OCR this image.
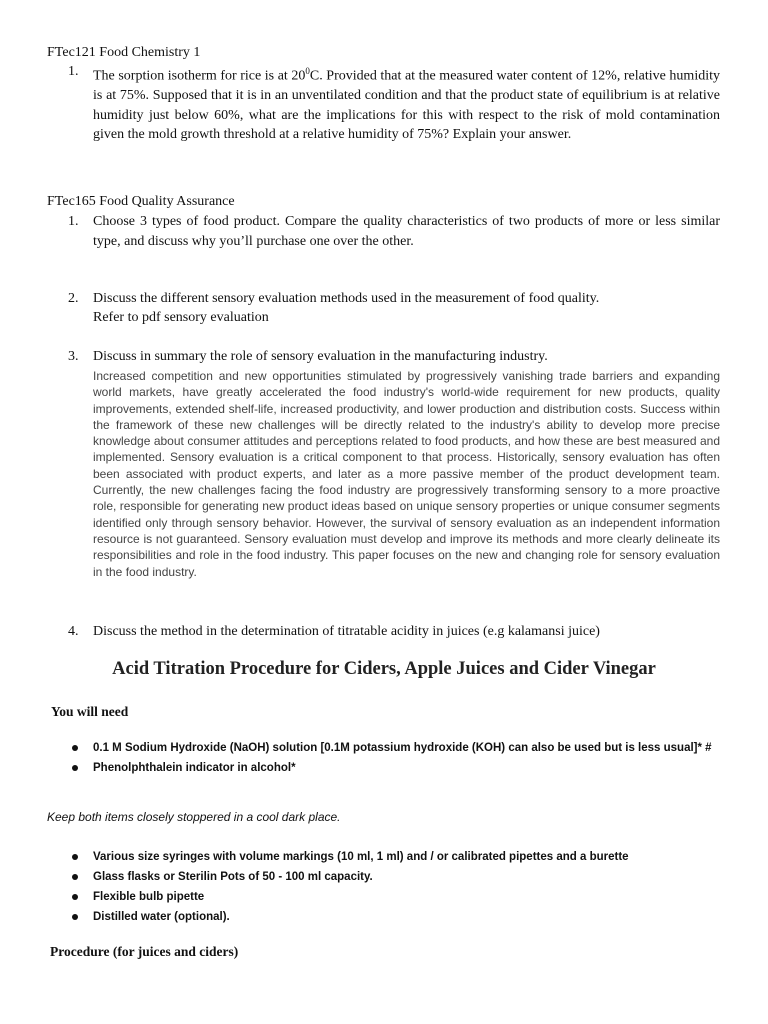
FTec121 Food Chemistry 1
1. The sorption isotherm for rice is at $20^0C$. Provided that at the measured water content of 12%, relative humidity is at 75%. Supposed that it is in an unventilated condition and that the product state of equilibrium is at relative humidity just below 60%, what are the implications for this with respect to the risk of mold contamination given the mold growth threshold at a relative humidity of 75%? Explain your answer.
FTec165 Food Quality Assurance
1. Choose 3 types of food product. Compare the quality characteristics of two products of more or less similar type, and discuss why you’ll purchase one over the other.
2. Discuss the different sensory evaluation methods used in the measurement of food quality.
Refer to pdf sensory evaluation
3. Discuss in summary the role of sensory evaluation in the manufacturing industry.
Increased competition and new opportunities stimulated by progressively vanishing trade barriers and expanding world markets, have greatly accelerated the food industry's world-wide requirement for new products, quality improvements, extended shelf-life, increased productivity, and lower production and distribution costs. Success within the framework of these new challenges will be directly related to the industry's ability to develop more precise knowledge about consumer attitudes and perceptions related to food products, and how these are best measured and implemented. Sensory evaluation is a critical component to that process. Historically, sensory evaluation has often been associated with product experts, and later as a more passive member of the product development team. Currently, the new challenges facing the food industry are progressively transforming sensory to a more proactive role, responsible for generating new product ideas based on unique sensory properties or unique consumer segments identified only through sensory behavior. However, the survival of sensory evaluation as an independent information resource is not guaranteed. Sensory evaluation must develop and improve its methods and more clearly delineate its responsibilities and role in the food industry. This paper focuses on the new and changing role for sensory evaluation in the food industry.
4. Discuss the method in the determination of titratable acidity in juices (e.g kalamansi juice)
Acid Titration Procedure for Ciders, Apple Juices and Cider Vinegar
You will need
0.1 M Sodium Hydroxide (NaOH) solution [0.1M potassium hydroxide (KOH) can also be used but is less usual]* #
Phenolphthalein indicator in alcohol*
Keep both items closely stoppered in a cool dark place.
Various size syringes with volume markings (10 ml, 1 ml) and / or calibrated pipettes and a burette
Glass flasks or Sterilin Pots of 50 - 100 ml capacity.
Flexible bulb pipette
Distilled water (optional).
Procedure (for juices and ciders)
